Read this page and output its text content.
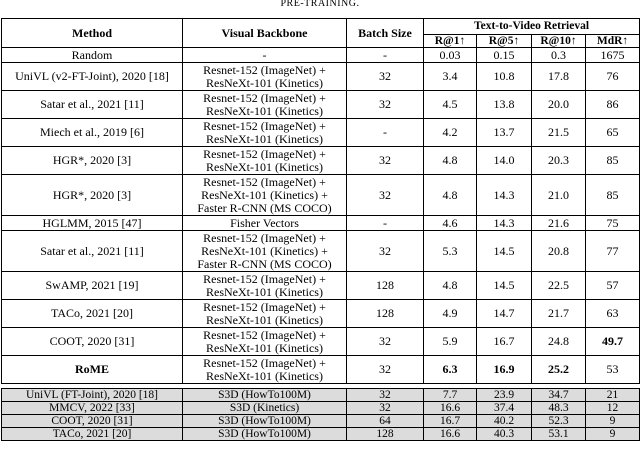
PRE-TRAINING.
Method	Visual Backbone	Batch Size	Text-to-Video Retrieval			
			R@1↑	R@5↑	R@10↑	MdR↑
Random	-	-	0.03	0.15	0.3	1675
UniVL (v2-FT-Joint), 2020 [18]	Resnet-152 (ImageNet) +
ResNeXt-101 (Kinetics)	32	3.4	10.8	17.8	76
Satar et al., 2021 [11]	Resnet-152 (ImageNet) +
ResNeXt-101 (Kinetics)	32	4.5	13.8	20.0	86
Miech et al., 2019 [6]	Resnet-152 (ImageNet) +
ResNeXt-101 (Kinetics)	-	4.2	13.7	21.5	65
HGR*, 2020 [3]	Resnet-152 (ImageNet) +
ResNeXt-101 (Kinetics)	32	4.8	14.0	20.3	85
HGR*, 2020 [3]	Resnet-152 (ImageNet) +
ResNeXt-101 (Kinetics) +
Faster R-CNN (MS COCO)	32	4.8	14.3	21.0	85
HGLMM, 2015 [47]	Fisher Vectors	-	4.6	14.3	21.6	75
Satar et al., 2021 [11]	Resnet-152 (ImageNet) +
ResNeXt-101 (Kinetics) +
Faster R-CNN (MS COCO)	32	5.3	14.5	20.8	77
SwAMP, 2021 [19]	Resnet-152 (ImageNet) +
ResNeXt-101 (Kinetics)	128	4.8	14.5	22.5	57
TACo, 2021 [20]	Resnet-152 (ImageNet) +
ResNeXt-101 (Kinetics)	128	4.9	14.7	21.7	63
COOT, 2020 [31]	Resnet-152 (ImageNet) +
ResNeXt-101 (Kinetics)	32	5.9	16.7	24.8	49.7
RoME	Resnet-152 (ImageNet) +
ResNeXt-101 (Kinetics)	32	6.3	16.9	25.2	53

UniVL (FT-Joint), 2020 [18]	S3D (HowTo100M)	32	7.7	23.9	34.7	21
MMCV, 2022 [33]	S3D (Kinetics)	32	16.6	37.4	48.3	12
COOT, 2020 [31]	S3D (HowTo100M)	64	16.7	40.2	52.3	9
TACo, 2021 [20]	S3D (HowTo100M)	128	16.6	40.3	53.1	9
